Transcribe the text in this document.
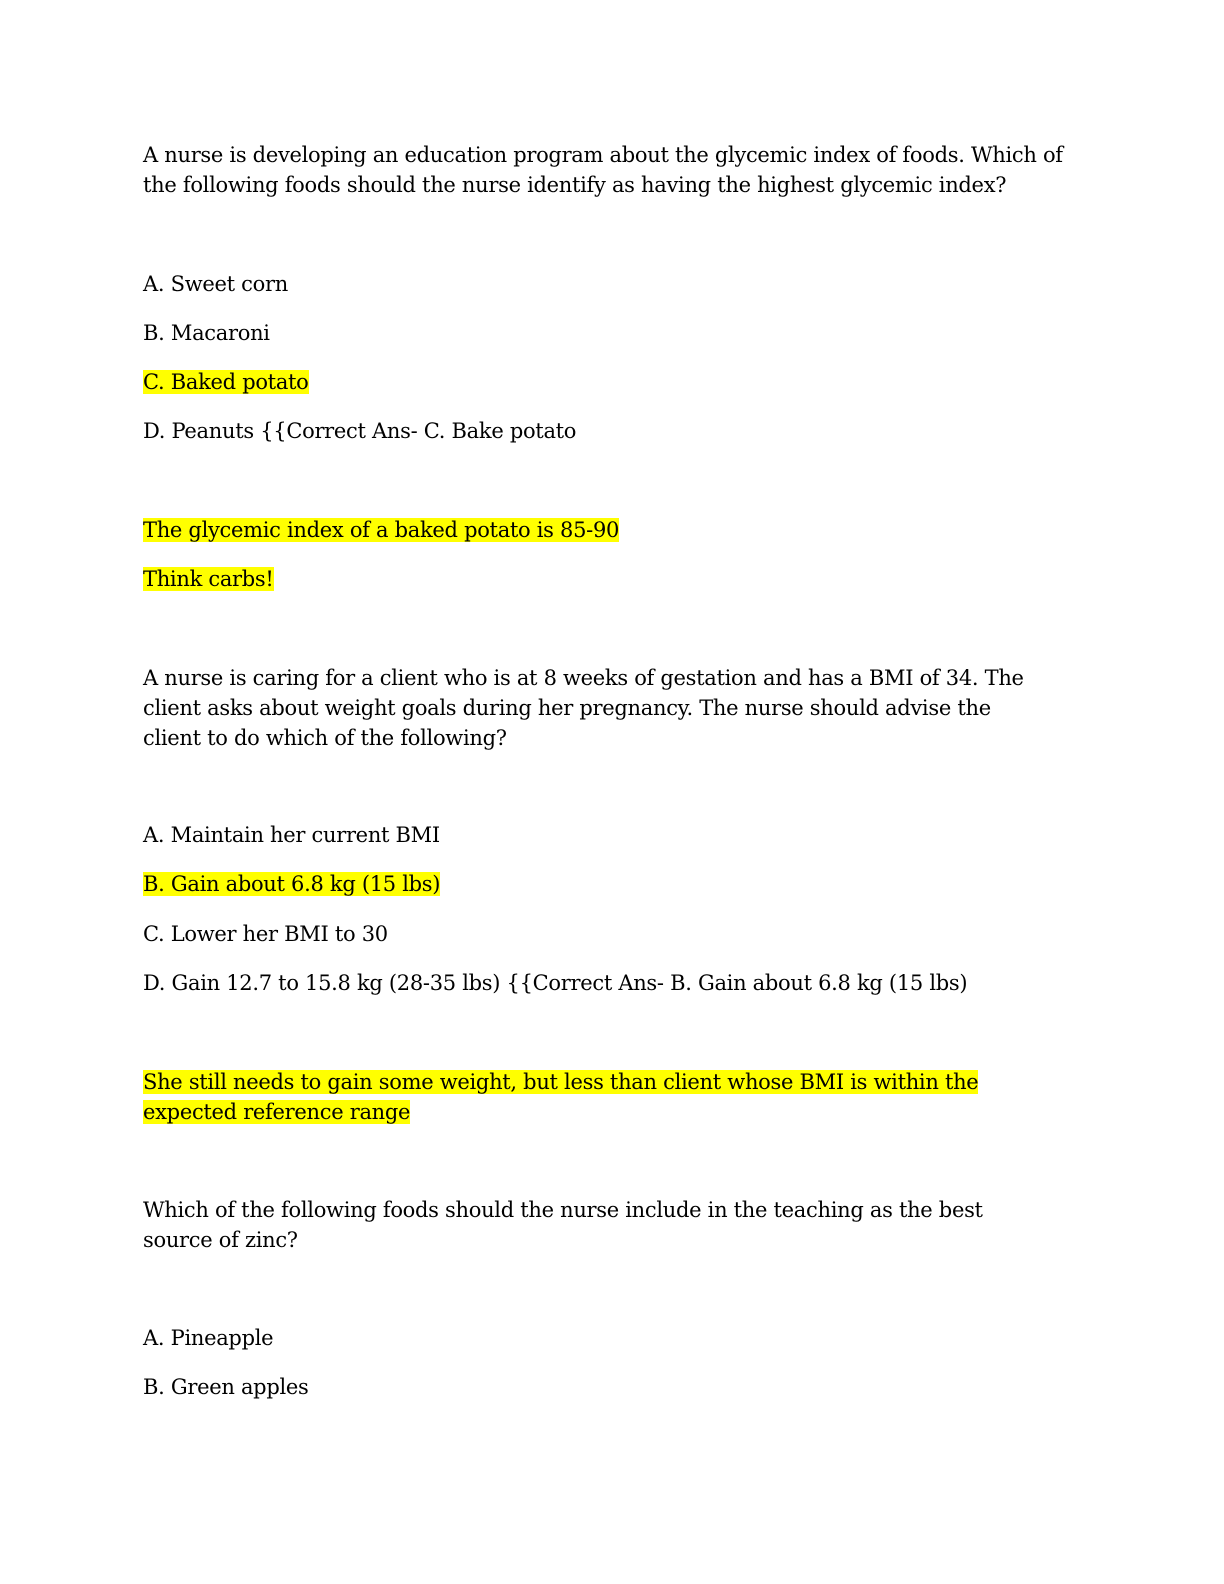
A nurse is developing an education program about the glycemic index of foods. Which of the following foods should the nurse identify as having the highest glycemic index?

A. Sweet corn

B. Macaroni

C. Baked potato

D. Peanuts {{Correct Ans- C. Bake potato

The glycemic index of a baked potato is 85-90

Think carbs!

A nurse is caring for a client who is at 8 weeks of gestation and has a BMI of 34. The client asks about weight goals during her pregnancy. The nurse should advise the client to do which of the following?

A. Maintain her current BMI

B. Gain about 6.8 kg (15 lbs)

C. Lower her BMI to 30

D. Gain 12.7 to 15.8 kg (28-35 lbs) {{Correct Ans- B. Gain about 6.8 kg (15 lbs)

She still needs to gain some weight, but less than client whose BMI is within the

expected reference range

Which of the following foods should the nurse include in the teaching as the best source of zinc?

A. Pineapple

B. Green apples
